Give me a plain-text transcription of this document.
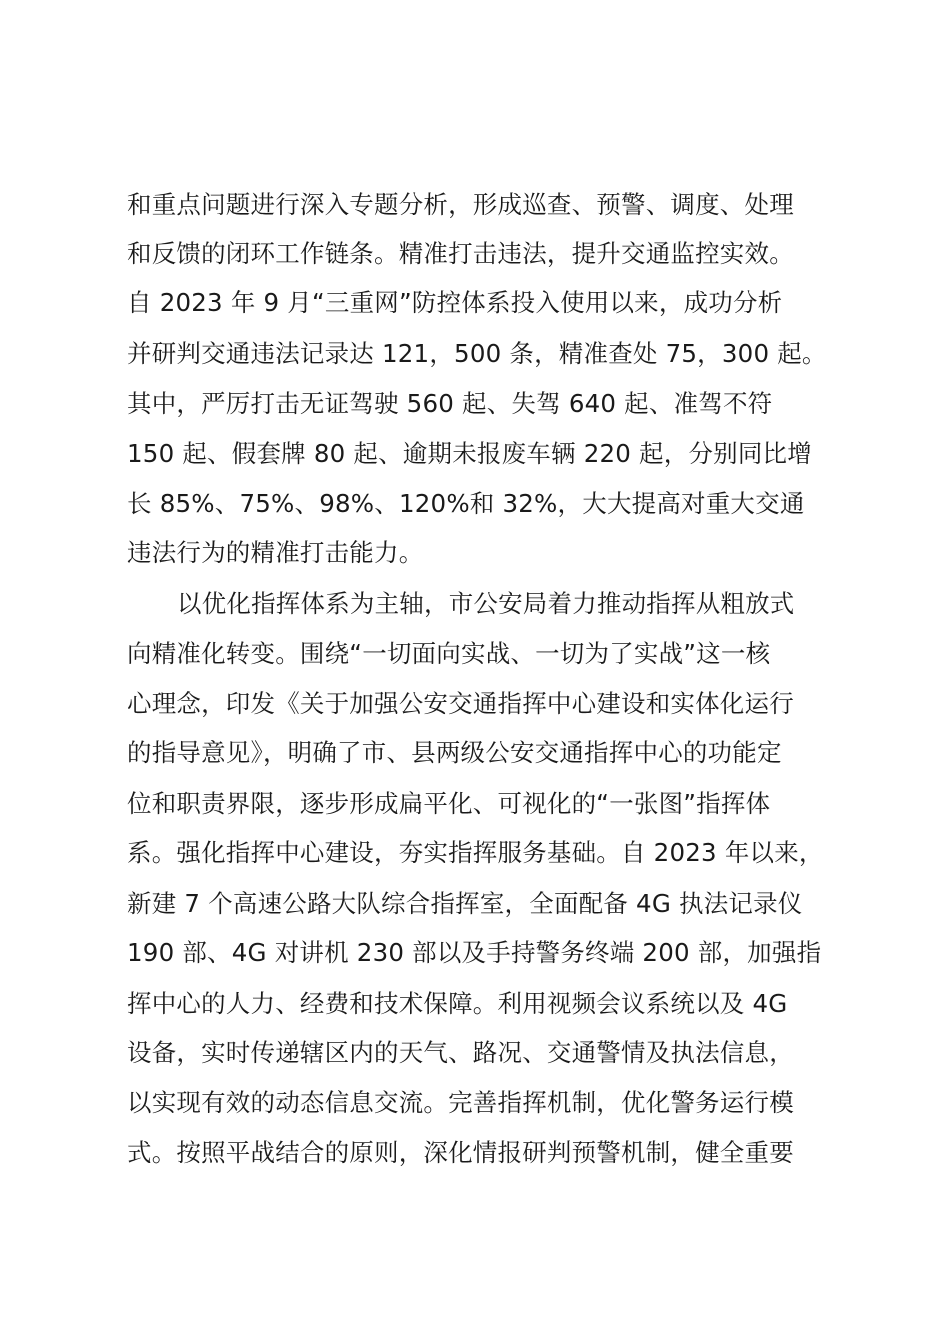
和重点问题进行深入专题分析，形成巡查、预警、调度、处理
和反馈的闭环工作链条。精准打击违法，提升交通监控实效。
自 2023 年 9 月“三重网”防控体系投入使用以来，成功分析
并研判交通违法记录达 121，500 条，精准查处 75，300 起。
其中，严厉打击无证驾驶 560 起、失驾 640 起、准驾不符
150 起、假套牌 80 起、逾期未报废车辆 220 起，分别同比增
长 85%、75%、98%、120%和 32%，大大提高对重大交通
违法行为的精准打击能力。
以优化指挥体系为主轴，市公安局着力推动指挥从粗放式
向精准化转变。围绕“一切面向实战、一切为了实战”这一核
心理念，印发《关于加强公安交通指挥中心建设和实体化运行
的指导意见》，明确了市、县两级公安交通指挥中心的功能定
位和职责界限，逐步形成扁平化、可视化的“一张图”指挥体
系。强化指挥中心建设，夯实指挥服务基础。自 2023 年以来，
新建 7 个高速公路大队综合指挥室，全面配备 4G 执法记录仪
190 部、4G 对讲机 230 部以及手持警务终端 200 部，加强指
挥中心的人力、经费和技术保障。利用视频会议系统以及 4G
设备，实时传递辖区内的天气、路况、交通警情及执法信息，
以实现有效的动态信息交流。完善指挥机制，优化警务运行模
式。按照平战结合的原则，深化情报研判预警机制，健全重要
